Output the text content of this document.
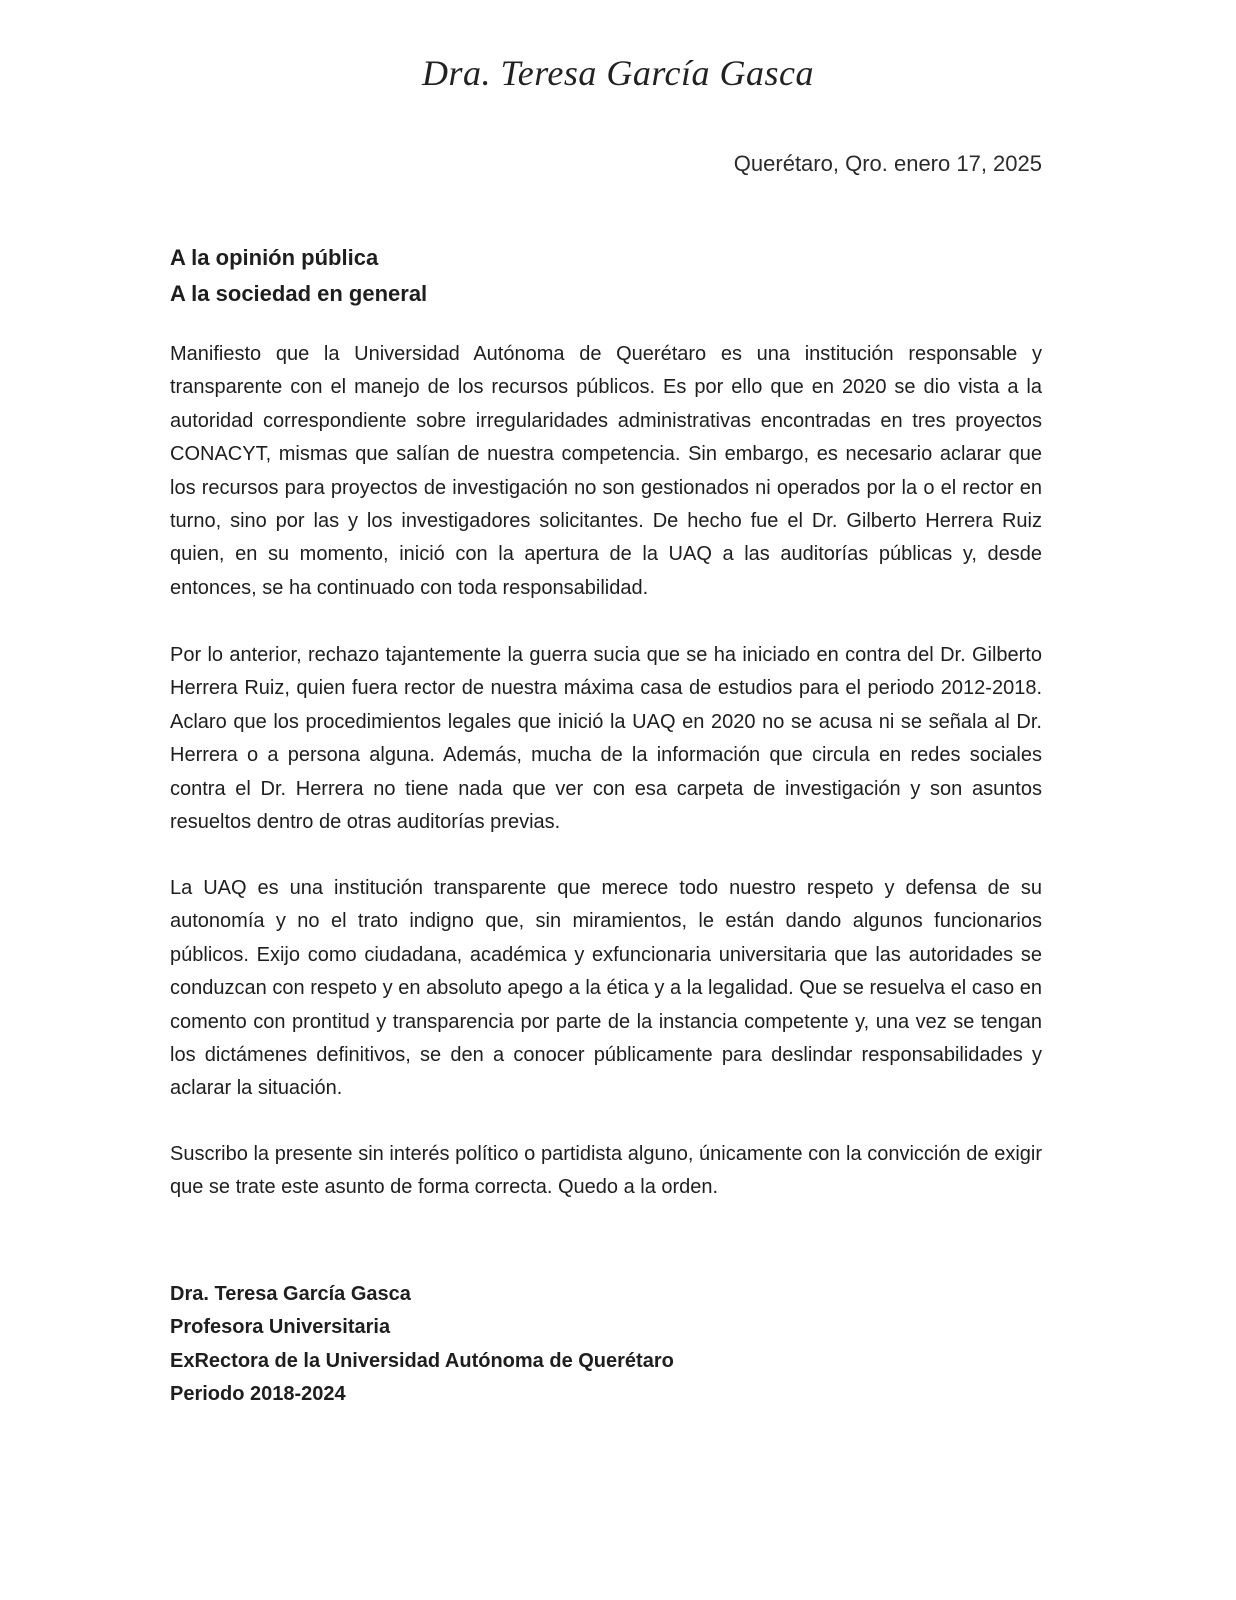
Dra. Teresa García Gasca
Querétaro, Qro. enero 17, 2025
A la opinión pública
A la sociedad en general

Manifiesto que la Universidad Autónoma de Querétaro es una institución responsable y transparente con el manejo de los recursos públicos. Es por ello que en 2020 se dio vista a la autoridad correspondiente sobre irregularidades administrativas encontradas en tres proyectos CONACYT, mismas que salían de nuestra competencia. Sin embargo, es necesario aclarar que los recursos para proyectos de investigación no son gestionados ni operados por la o el rector en turno, sino por las y los investigadores solicitantes. De hecho fue el Dr. Gilberto Herrera Ruiz quien, en su momento, inició con la apertura de la UAQ a las auditorías públicas y, desde entonces, se ha continuado con toda responsabilidad.

Por lo anterior, rechazo tajantemente la guerra sucia que se ha iniciado en contra del Dr. Gilberto Herrera Ruiz, quien fuera rector de nuestra máxima casa de estudios para el periodo 2012-2018. Aclaro que los procedimientos legales que inició la UAQ en 2020 no se acusa ni se señala al Dr. Herrera o a persona alguna. Además, mucha de la información que circula en redes sociales contra el Dr. Herrera no tiene nada que ver con esa carpeta de investigación y son asuntos resueltos dentro de otras auditorías previas.

La UAQ es una institución transparente que merece todo nuestro respeto y defensa de su autonomía y no el trato indigno que, sin miramientos, le están dando algunos funcionarios públicos. Exijo como ciudadana, académica y exfuncionaria universitaria que las autoridades se conduzcan con respeto y en absoluto apego a la ética y a la legalidad. Que se resuelva el caso en comento con prontitud y transparencia por parte de la instancia competente y, una vez se tengan los dictámenes definitivos, se den a conocer públicamente para deslindar responsabilidades y aclarar la situación.

Suscribo la presente sin interés político o partidista alguno, únicamente con la convicción de exigir que se trate este asunto de forma correcta. Quedo a la orden.

Dra. Teresa García Gasca
Profesora Universitaria
ExRectora de la Universidad Autónoma de Querétaro
Periodo 2018-2024
